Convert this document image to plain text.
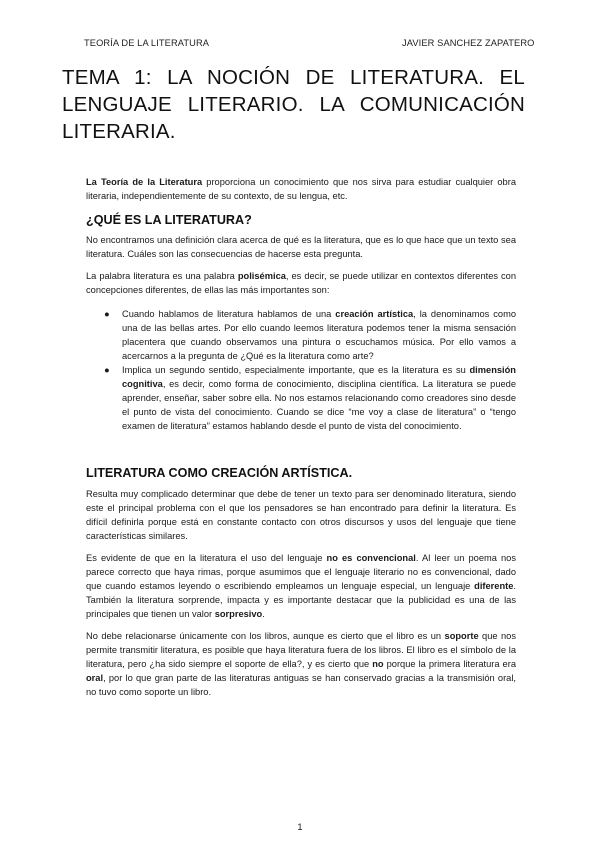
TEORÍA DE LA LITERATURA	JAVIER SANCHEZ ZAPATERO
TEMA 1: LA NOCIÓN DE LITERATURA. EL LENGUAJE LITERARIO. LA COMUNICACIÓN LITERARIA.

La Teoría de la Literatura proporciona un conocimiento que nos sirva para estudiar cualquier obra literaria, independientemente de su contexto, de su lengua, etc.

¿QUÉ ES LA LITERATURA?

No encontramos una definición clara acerca de qué es la literatura, que es lo que hace que un texto sea literatura. Cuáles son las consecuencias de hacerse esta pregunta.

La palabra literatura es una palabra polisémica, es decir, se puede utilizar en contextos diferentes con concepciones diferentes, de ellas las más importantes son:

● Cuando hablamos de literatura hablamos de una creación artística, la denominamos como una de las bellas artes. Por ello cuando leemos literatura podemos tener la misma sensación placentera que cuando observamos una pintura o escuchamos música. Por ello vamos a acercarnos a la pregunta de ¿Qué es la literatura como arte?
● Implica un segundo sentido, especialmente importante, que es la literatura es su dimensión cognitiva, es decir, como forma de conocimiento, disciplina científica. La literatura se puede aprender, enseñar, saber sobre ella. No nos estamos relacionando como creadores sino desde el punto de vista del conocimiento. Cuando se dice “me voy a clase de literatura” o “tengo examen de literatura” estamos hablando desde el punto de vista del conocimiento.
LITERATURA COMO CREACIÓN ARTÍSTICA.

Resulta muy complicado determinar que debe de tener un texto para ser denominado literatura, siendo este el principal problema con el que los pensadores se han encontrado para definir la literatura. Es difícil definirla porque está en constante contacto con otros discursos y usos del lenguaje que tiene características similares.

Es evidente de que en la literatura el uso del lenguaje no es convencional. Al leer un poema nos parece correcto que haya rimas, porque asumimos que el lenguaje literario no es convencional, dado que cuando estamos leyendo o escribiendo empleamos un lenguaje especial, un lenguaje diferente. También la literatura sorprende, impacta y es importante destacar que la publicidad es una de las principales que tienen un valor sorpresivo.

No debe relacionarse únicamente con los libros, aunque es cierto que el libro es un soporte que nos permite transmitir literatura, es posible que haya literatura fuera de los libros. El libro es el símbolo de la literatura, pero ¿ha sido siempre el soporte de ella?, y es cierto que no porque la primera literatura era oral, por lo que gran parte de las literaturas antiguas se han conservado gracias a la transmisión oral, no tuvo como soporte un libro.

1
